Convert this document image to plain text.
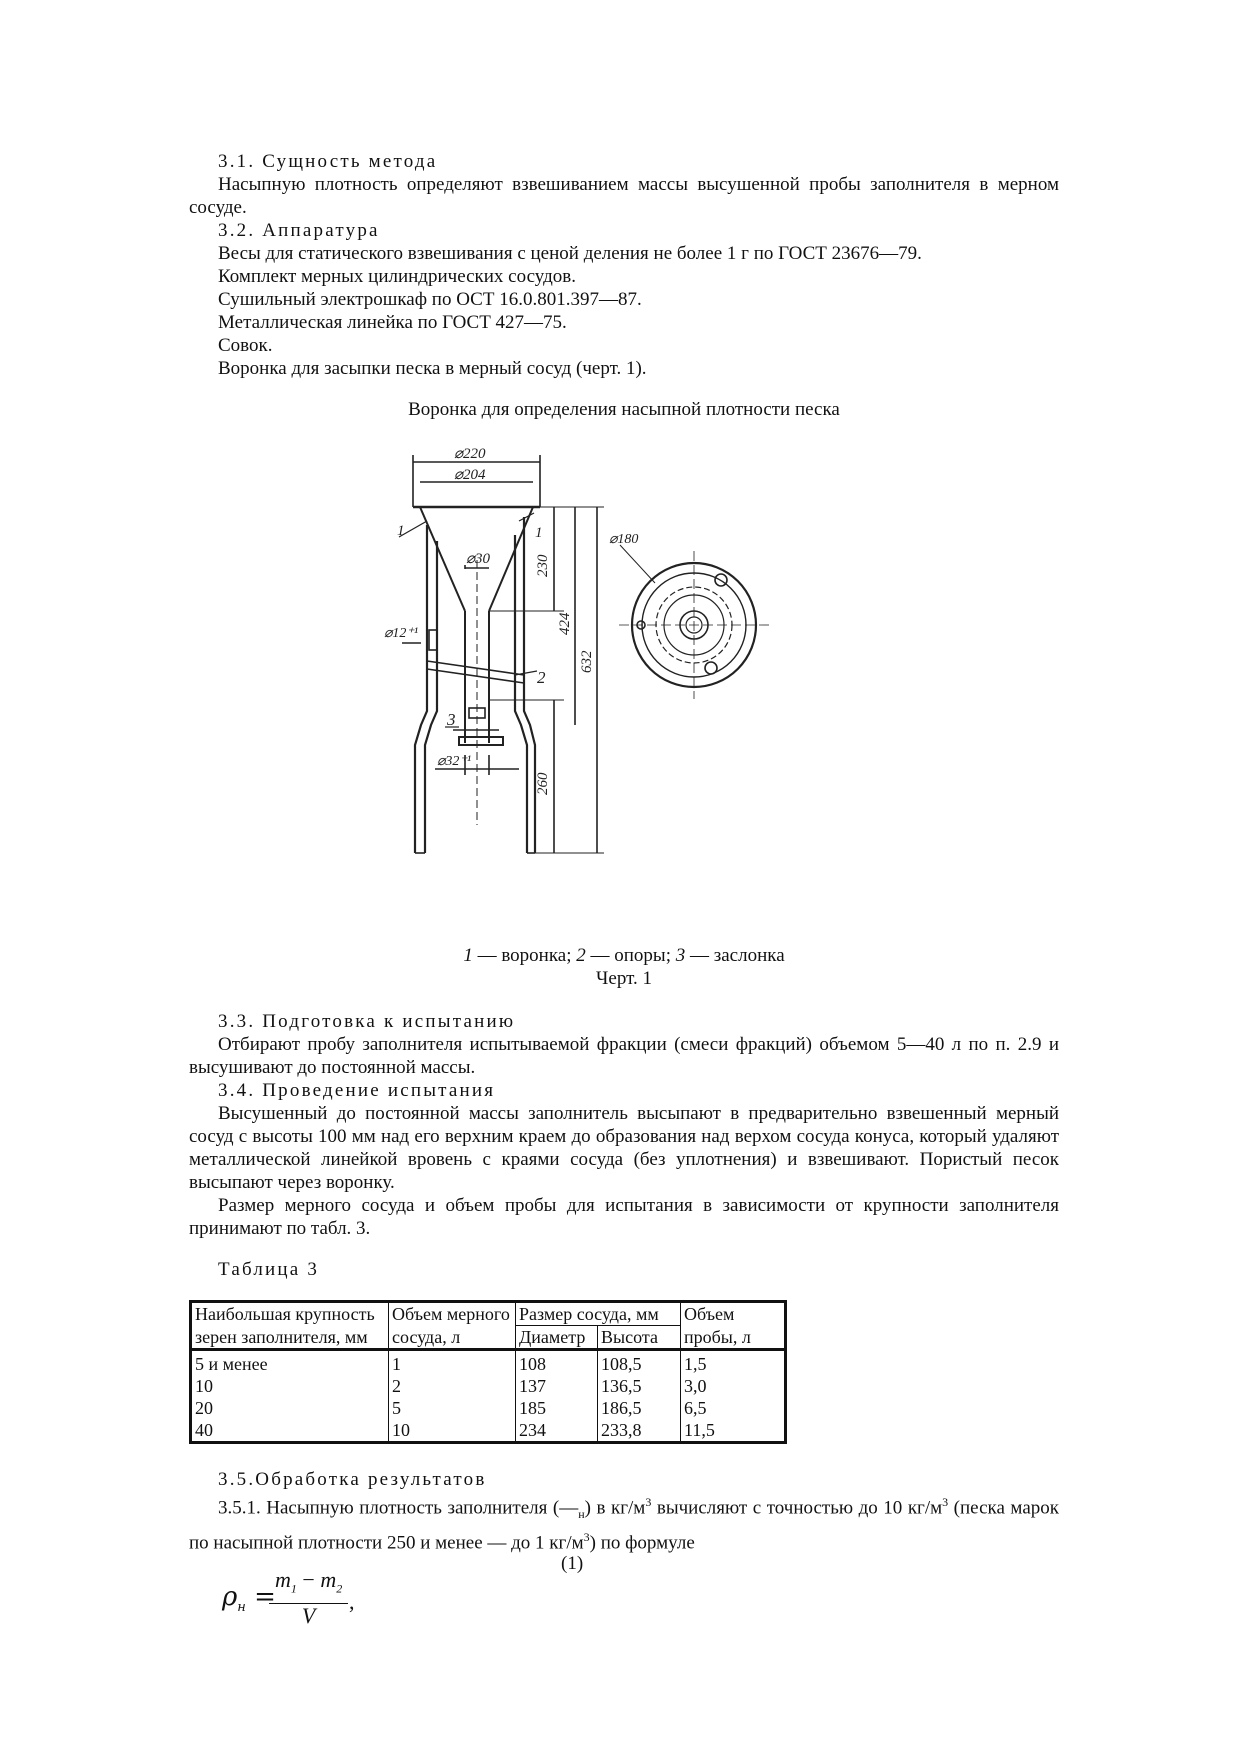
3.1. Сущность метода

Насыпную плотность определяют взвешиванием массы высушенной пробы заполнителя в мерном сосуде.

3.2. Аппаратура

Весы для статического взвешивания с ценой деления не более 1 г по ГОСТ 23676—79.

Комплект мерных цилиндрических сосудов.

Сушильный электрошкаф по ОСТ 16.0.801.397—87.

Металлическая линейка по ГОСТ 427—75.

Совок.

Воронка для засыпки песка в мерный сосуд (черт. 1).

Воронка для определения насыпной плотности песка

⌀220
⌀204
⌀30
⌀12⁺¹
⌀32⁺¹
230
424
632
260
1	1
2
3
⌀180

1 — воронка; 2 — опоры; 3 — заслонка

Черт. 1

3.3. Подготовка к испытанию

Отбирают пробу заполнителя испытываемой фракции (смеси фракций) объемом 5—40 л по п. 2.9 и высушивают до постоянной массы.

3.4. Проведение испытания

Высушенный до постоянной массы заполнитель высыпают в предварительно взвешенный мерный сосуд с высоты 100 мм над его верхним краем до образования над верхом сосуда конуса, который удаляют металлической линейкой вровень с краями сосуда (без уплотнения) и взвешивают. Пористый песок высыпают через воронку.

Размер мерного сосуда и объем пробы для испытания в зависимости от крупности заполнителя принимают по табл. 3.

Таблица 3

Наибольшая крупность	Объем мерного	Размер сосуда, мм		Объем
зерен заполнителя, мм	сосуда, л	Диаметр	Высота	пробы, л
5 и менее	1	108	108,5	1,5
10	2	137	136,5	3,0
20	5	185	186,5	6,5
40	10	234	233,8	11,5

3.5.Обработка результатов

3.5.1. Насыпную плотность заполнителя $(—_н)$ в $кг/м^3$ вычисляют с точностью до 10 $кг/м^3$ (песка марок по насыпной плотности 250 и менее — до 1 $кг/м^3$) по формуле

(1)
$\rho_н$ =
$\frac{m_1 - m_2}{V}$ ,
